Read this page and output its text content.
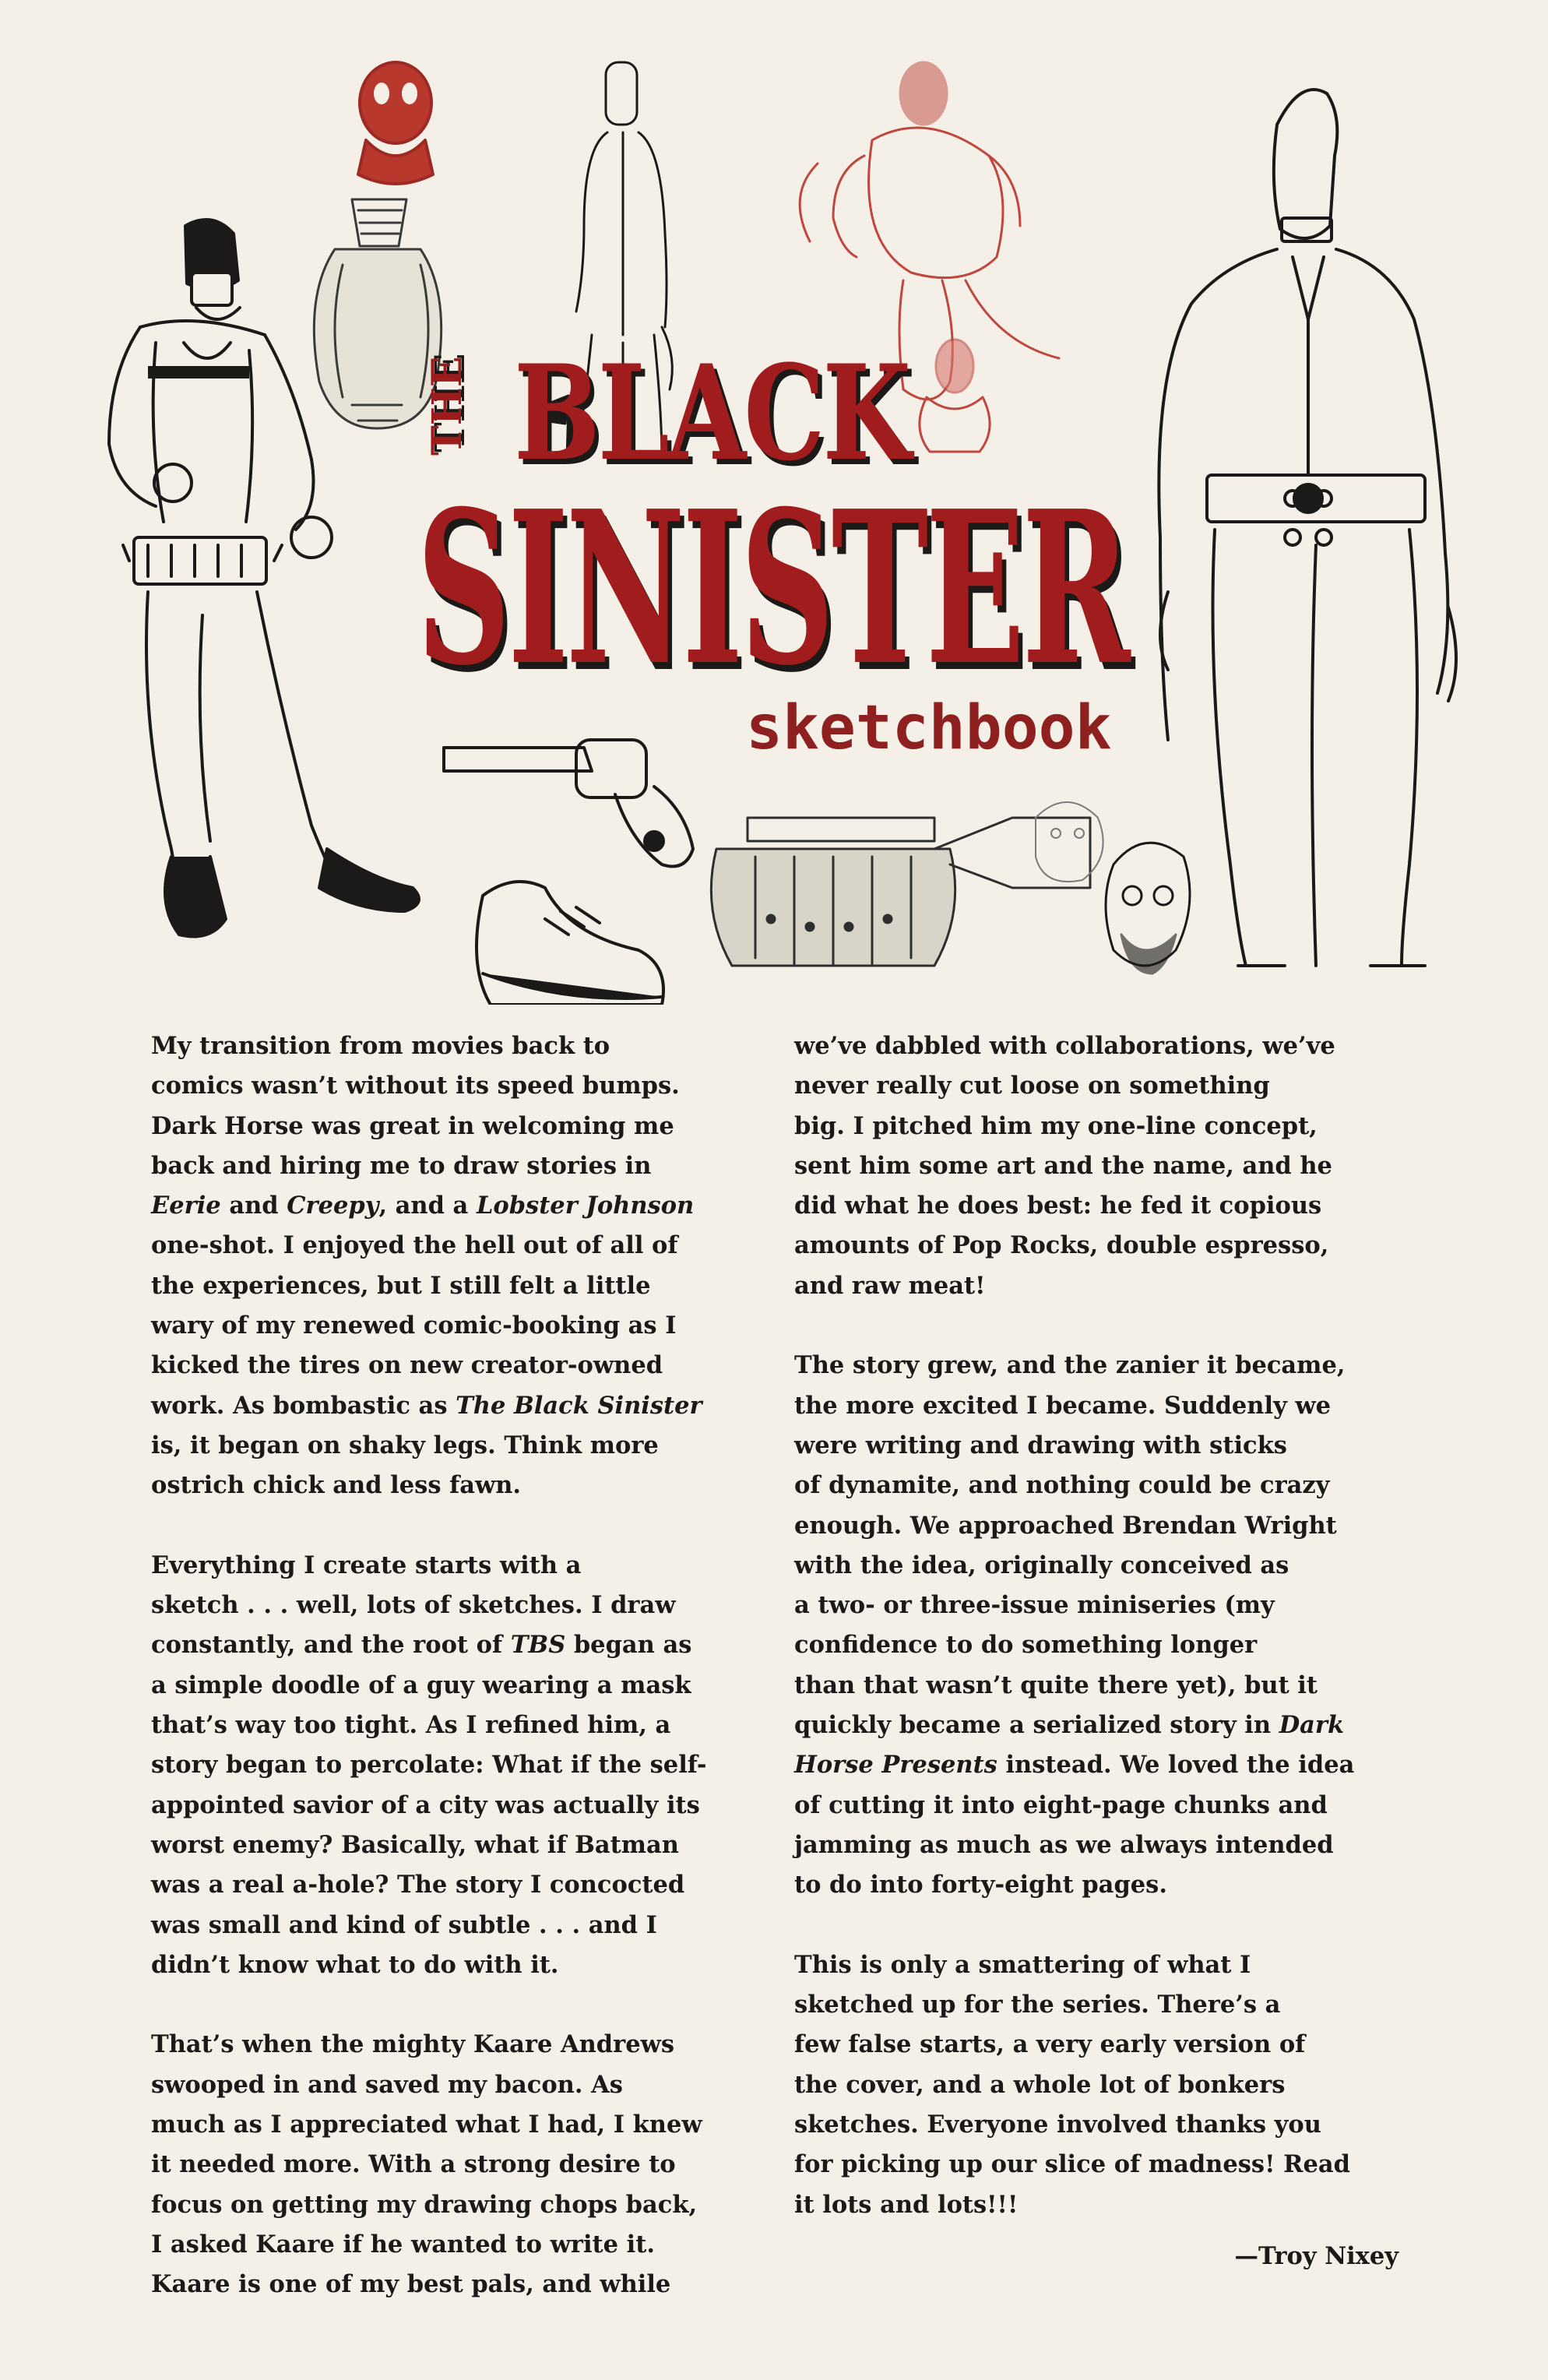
THE BLACK
SINISTER
sketchbook

My transition from movies back to
comics wasn’t without its speed bumps.
Dark Horse was great in welcoming me
back and hiring me to draw stories in
Eerie and Creepy, and a Lobster Johnson
one-shot. I enjoyed the hell out of all of
the experiences, but I still felt a little
wary of my renewed comic-booking as I
kicked the tires on new creator-owned
work. As bombastic as The Black Sinister
is, it began on shaky legs. Think more
ostrich chick and less fawn.

Everything I create starts with a
sketch . . . well, lots of sketches. I draw
constantly, and the root of TBS began as
a simple doodle of a guy wearing a mask
that’s way too tight. As I refined him, a
story began to percolate: What if the self-
appointed savior of a city was actually its
worst enemy? Basically, what if Batman
was a real a-hole? The story I concocted
was small and kind of subtle . . . and I
didn’t know what to do with it.

That’s when the mighty Kaare Andrews
swooped in and saved my bacon. As
much as I appreciated what I had, I knew
it needed more. With a strong desire to
focus on getting my drawing chops back,
I asked Kaare if he wanted to write it.
Kaare is one of my best pals, and while

we’ve dabbled with collaborations, we’ve
never really cut loose on something
big. I pitched him my one-line concept,
sent him some art and the name, and he
did what he does best: he fed it copious
amounts of Pop Rocks, double espresso,
and raw meat!

The story grew, and the zanier it became,
the more excited I became. Suddenly we
were writing and drawing with sticks
of dynamite, and nothing could be crazy
enough. We approached Brendan Wright
with the idea, originally conceived as
a two- or three-issue miniseries (my
confidence to do something longer
than that wasn’t quite there yet), but it
quickly became a serialized story in Dark
Horse Presents instead. We loved the idea
of cutting it into eight-page chunks and
jamming as much as we always intended
to do into forty-eight pages.

This is only a smattering of what I
sketched up for the series. There’s a
few false starts, a very early version of
the cover, and a whole lot of bonkers
sketches. Everyone involved thanks you
for picking up our slice of madness! Read
it lots and lots!!!

—Troy Nixey
